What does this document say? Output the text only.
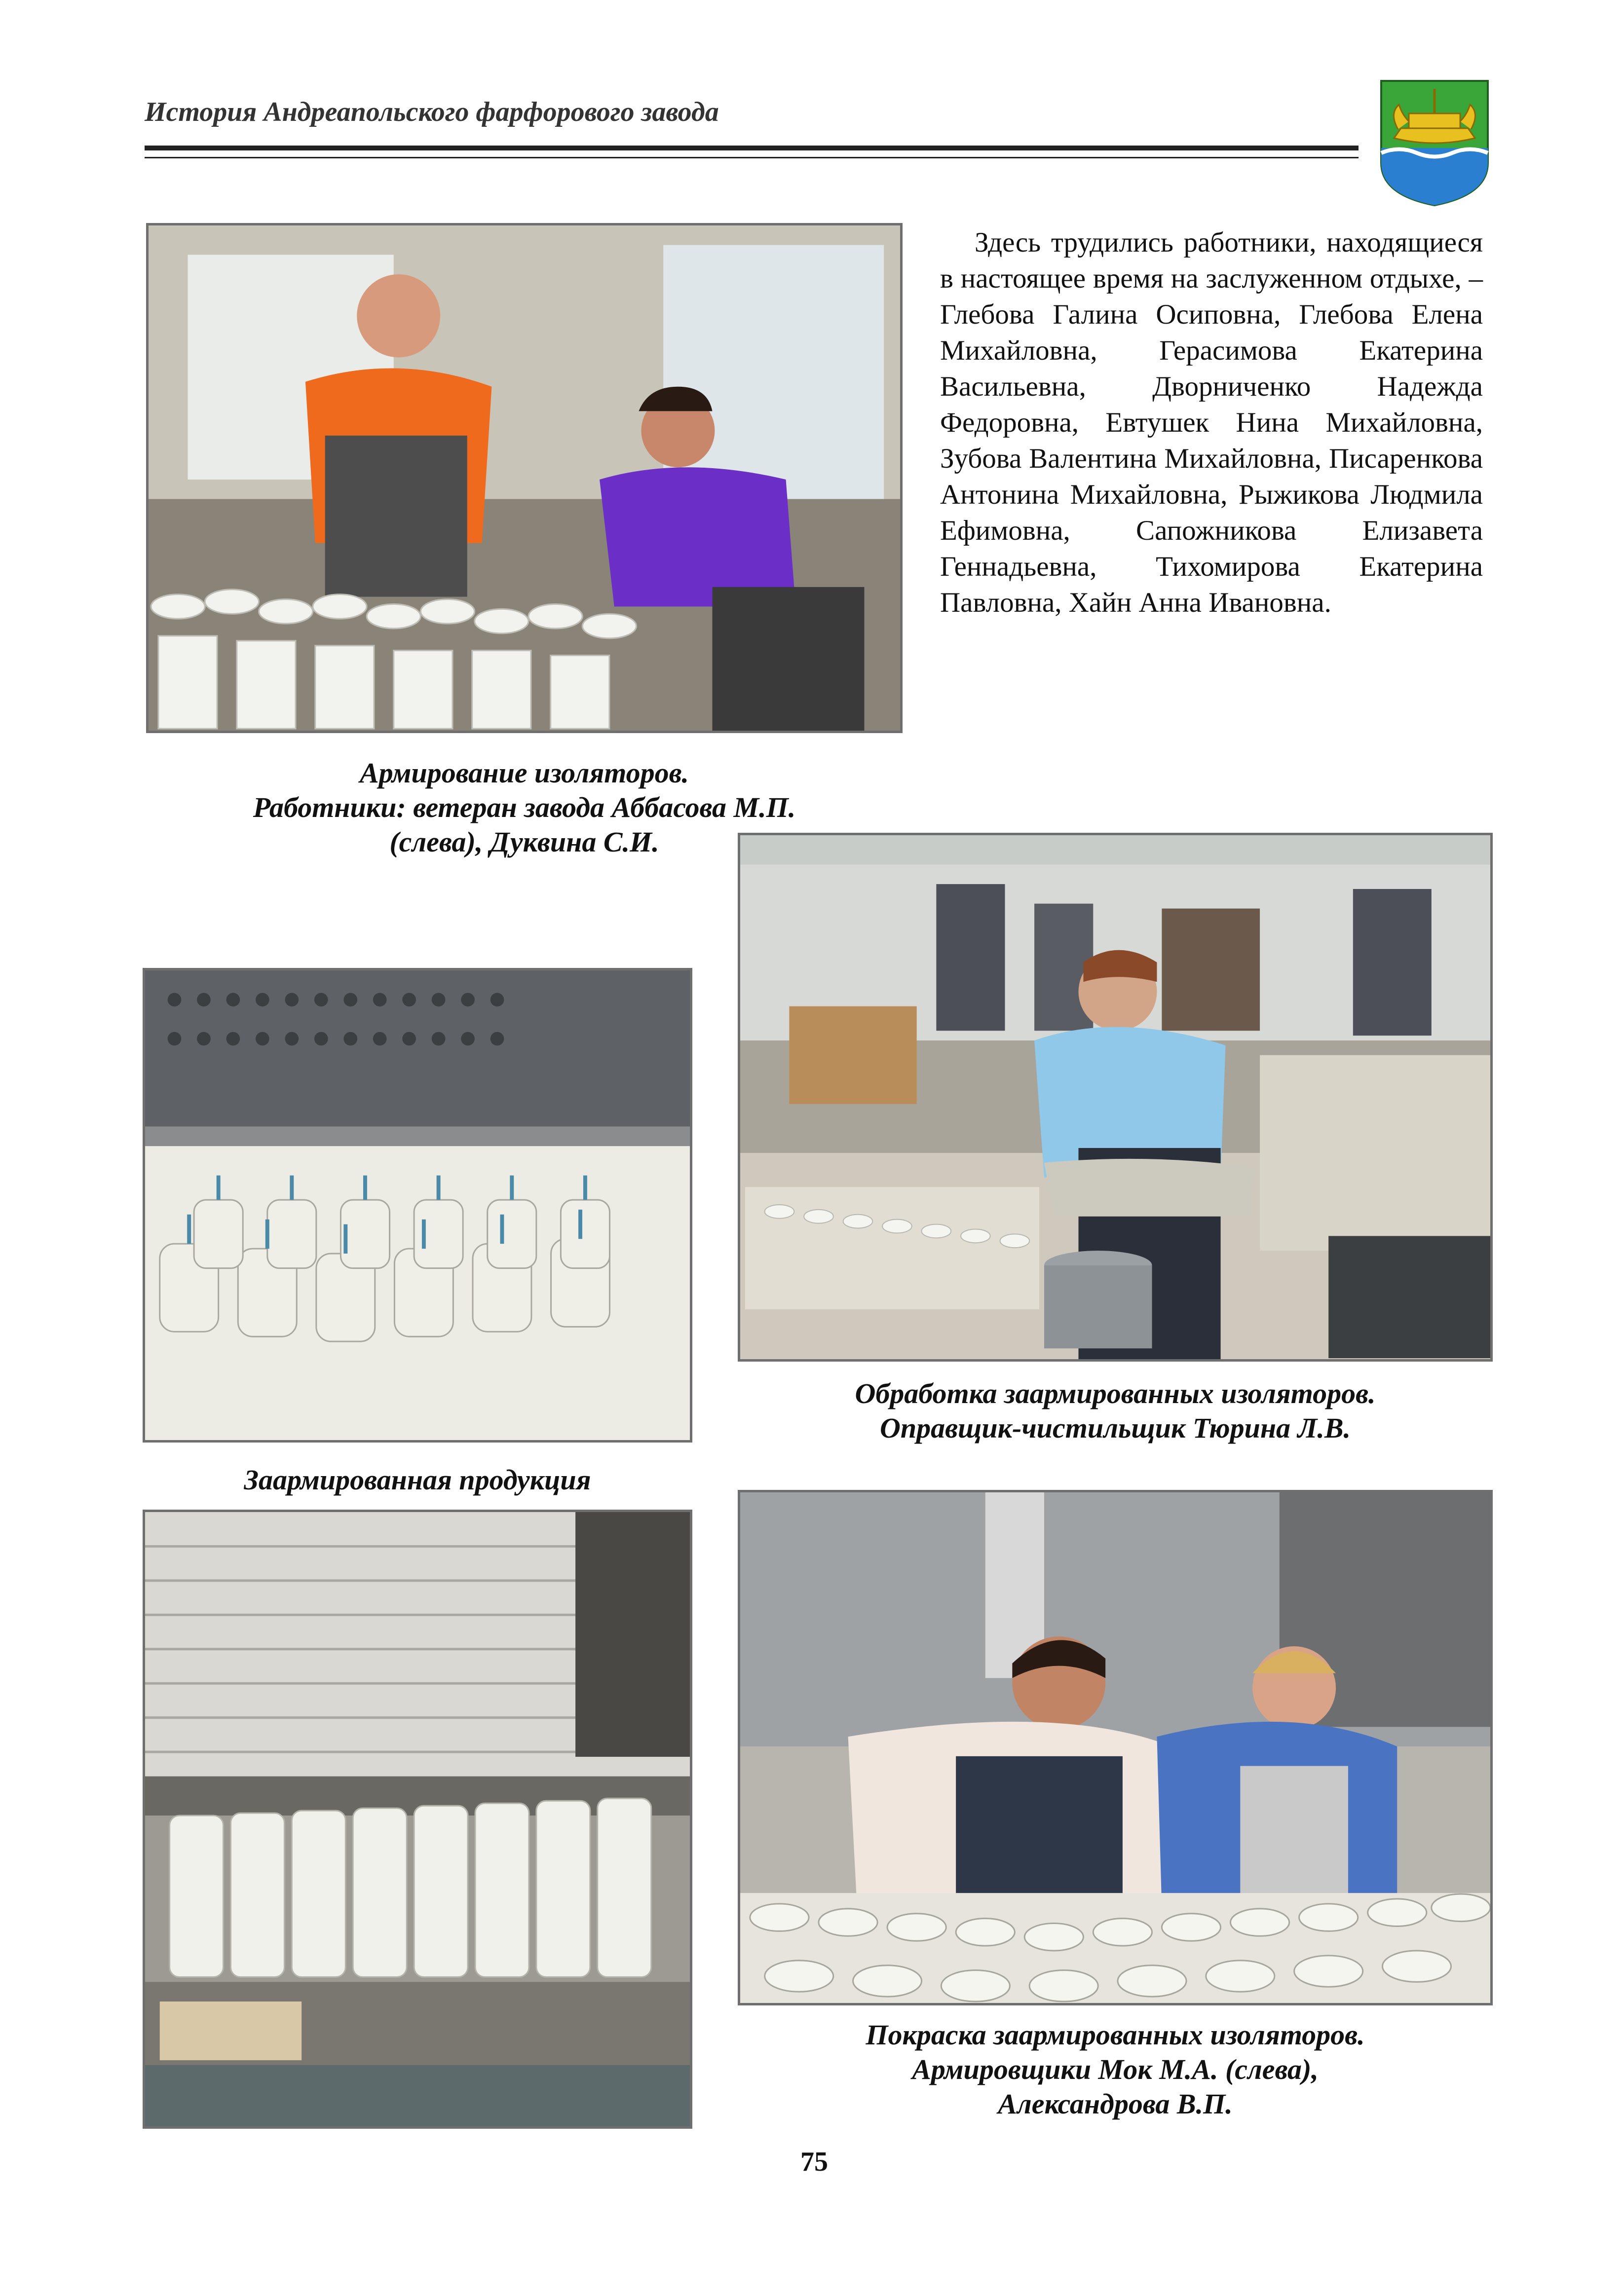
История Андреапольского фарфорового завода
Здесь трудились работники, находящиеся в настоящее время на заслуженном отдыхе, – Глебова Галина Осиповна, Глебова Елена Михайловна, Герасимова Екатерина Васильевна, Дворниченко Надежда Федоровна, Евтушек Нина Михайловна, Зубова Валентина Михайловна, Писаренкова Антонина Михайловна, Рыжикова Людмила Ефимовна, Сапожникова Елизавета Геннадьевна, Тихомирова Екатерина Павловна, Хайн Анна Ивановна.
Армирование изоляторов.
Работники: ветеран завода Аббасова М.П.
(слева), Дуквина С.И.
Обработка заармированных изоляторов.
Оправщик-чистильщик Тюрина Л.В.
Заармированная продукция
Покраска заармированных изоляторов.
Армировщики Мок М.А. (слева),
Александрова В.П.
75
